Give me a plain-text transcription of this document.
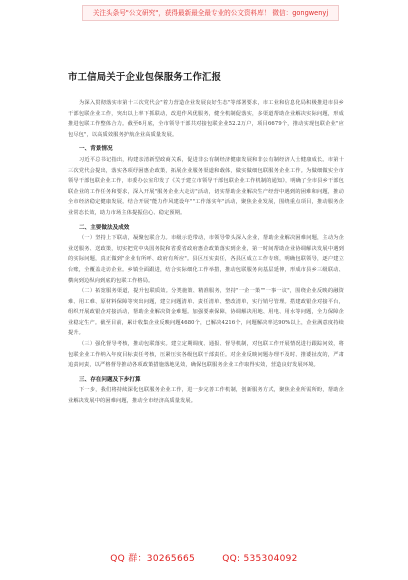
关注头条号"公文研究"，获得最新最全最专业的公文资料库！ 微信：gongwenyj
市工信局关于企业包保服务工作汇报

为深入贯彻落实市第十三次党代会"着力营造企业发展良好生态"等部署要求，市工业和信息化局积极推进市县乡干部包联企业工作，突出以上率下抓联动，改进作风优服务，健全机制促落实，多渠道帮助企业解决实际问题，形成推进包联工作整体合力。截至6月底，全市领导干部共对接包联企业52.2万户，项目6679个，推动实现包联企业"应包尽包"，以高质效服务护航企业高质量发展。

一、背景情况

习近平总书记指出，构建亲清新型政商关系，促进非公有制经济健康发展和非公有制经济人士健康成长。市第十三次党代会提出，落实各项纾困惠企政策，拓展企业服务渠道和载体，做实做细包联服务企业工作。为做细做实全市领导干部包联企业工作，市委办公室印发了《关于建立市领导干部包联企业工作机制的通知》，明确了全市县乡干部包联企业的工作任务和要求，深入开展"服务企业大走访"活动，切实帮助企业解决生产经营中遇到的困难和问题，推动全市经济稳定健康发展。结合开展"能力作风建设年""工作落实年"活动，聚焦企业发展，围绕重点项目，推动服务企业常态长效，助力市场主体提振信心、稳定预期。

二、主要做法及成效

（一）坚持上下联动，凝聚包联合力。市级示范带动，市领导带头深入企业，帮助企业解决困难问题，主动为企业送服务、送政策，切实把党中央国务院和省委省政府惠企政策落实到企业，第一时间帮助企业协调解决发展中遇到的实际问题，真正做到"企业有所呼、政府有所应"。县区压实责任，各县区成立工作专班，明确包联领导，逐户建立台账，全覆盖走访企业。乡镇全面跟进，结合实际细化工作举措，推动包联服务向基层延伸，形成市县乡三级联动、横向到边纵向到底的包联工作格局。

（二）拓宽服务渠道，提升包联质效。分类施策、精准服务，坚持"一企一策""一事一议"，围绕企业反映的融资难、用工难、原材料保障等突出问题，建立问题清单、责任清单、整改清单，实行销号管理。搭建政银企对接平台，组织开展政银企对接活动，帮助企业解决资金难题。加强要素保障，协调解决用地、用电、用水等问题，全力保障企业稳定生产。截至目前，累计收集企业反映问题4680个，已解决4216个，问题解决率达90%以上，企业满意度持续提升。

（三）强化督导考核，推动包联落实。建立定期调度、通报、督导机制，对包联工作开展情况进行跟踪问效，将包联企业工作纳入年度目标责任考核，压紧压实各级包联干部责任。对企业反映问题办理不及时、推诿扯皮的，严肃追责问责，以严格督导推动各项政策措施落地见效，确保包联服务企业工作取得实效，营造良好发展环境。

三、存在问题及下步打算

下一步，我们将持续深化包联服务企业工作，进一步完善工作机制，创新服务方式，聚焦企业所需所盼，帮助企业解决发展中的困难问题，推动全市经济高质量发展。

QQ 群：30265665	QQ: 535304092
